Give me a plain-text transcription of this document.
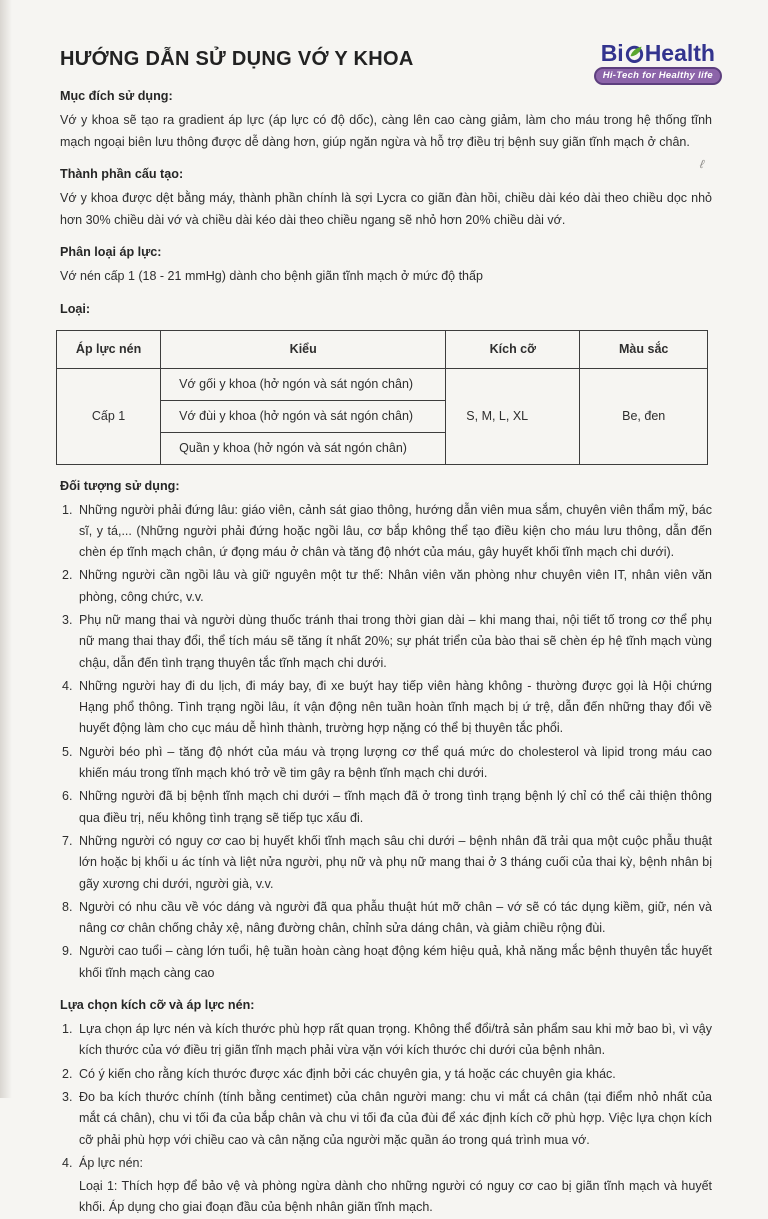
HƯỚNG DẪN SỬ DỤNG VỚ Y KHOA	Bi Health
Hi-Tech for Healthy life
ℓ
Mục đích sử dụng:

Vớ y khoa sẽ tạo ra gradient áp lực (áp lực có độ dốc), càng lên cao càng giảm, làm cho máu trong hệ thống tĩnh mạch ngoại biên lưu thông được dễ dàng hơn, giúp ngăn ngừa và hỗ trợ điều trị bệnh suy giãn tĩnh mạch ở chân.

Thành phần cấu tạo:

Vớ y khoa được dệt bằng máy, thành phần chính là sợi Lycra co giãn đàn hồi, chiều dài kéo dài theo chiều dọc nhỏ hơn 30% chiều dài vớ và chiều dài kéo dài theo chiều ngang sẽ nhỏ hơn 20% chiều dài vớ.

Phân loại áp lực:

Vớ nén cấp 1 (18 - 21 mmHg) dành cho bệnh giãn tĩnh mạch ở mức độ thấp

Loại:
Áp lực nén	Kiểu	Kích cỡ	Màu sắc
Cấp 1	Vớ gối y khoa (hở ngón và sát ngón chân)	S, M, L, XL	Be, đen
	Vớ đùi y khoa (hở ngón và sát ngón chân)		
	Quần y khoa (hở ngón và sát ngón chân)		
Đối tượng sử dụng:
Những người phải đứng lâu: giáo viên, cảnh sát giao thông, hướng dẫn viên mua sắm, chuyên viên thẩm mỹ, bác sĩ, y tá,... (Những người phải đứng hoặc ngồi lâu, cơ bắp không thể tạo điều kiện cho máu lưu thông, dẫn đến chèn ép tĩnh mạch chân, ứ đọng máu ở chân và tăng độ nhớt của máu, gây huyết khối tĩnh mạch chi dưới).
Những người cần ngồi lâu và giữ nguyên một tư thế: Nhân viên văn phòng như chuyên viên IT, nhân viên văn phòng, công chức, v.v.
Phụ nữ mang thai và người dùng thuốc tránh thai trong thời gian dài – khi mang thai, nội tiết tố trong cơ thể phụ nữ mang thai thay đổi, thể tích máu sẽ tăng ít nhất 20%; sự phát triển của bào thai sẽ chèn ép hệ tĩnh mạch vùng chậu, dẫn đến tình trạng thuyên tắc tĩnh mạch chi dưới.
Những người hay đi du lịch, đi máy bay, đi xe buýt hay tiếp viên hàng không - thường được gọi là Hội chứng Hạng phổ thông. Tình trạng ngồi lâu, ít vận động nên tuần hoàn tĩnh mạch bị ứ trệ, dẫn đến những thay đổi về huyết động làm cho cục máu dễ hình thành, trường hợp nặng có thể bị thuyên tắc phổi.
Người béo phì – tăng độ nhớt của máu và trọng lượng cơ thể quá mức do cholesterol và lipid trong máu cao khiến máu trong tĩnh mạch khó trở về tim gây ra bệnh tĩnh mạch chi dưới.
Những người đã bị bệnh tĩnh mạch chi dưới – tĩnh mạch đã ở trong tình trạng bệnh lý chỉ có thể cải thiện thông qua điều trị, nếu không tình trạng sẽ tiếp tục xấu đi.
Những người có nguy cơ cao bị huyết khối tĩnh mạch sâu chi dưới – bệnh nhân đã trải qua một cuộc phẫu thuật lớn hoặc bị khối u ác tính và liệt nửa người, phụ nữ và phụ nữ mang thai ở 3 tháng cuối của thai kỳ, bệnh nhân bị gãy xương chi dưới, người già, v.v.
Người có nhu cầu về vóc dáng và người đã qua phẫu thuật hút mỡ chân – vớ sẽ có tác dụng kiềm, giữ, nén và nâng cơ chân chống chảy xệ, nâng đường chân, chỉnh sửa dáng chân, và giảm chiều rộng đùi.
Người cao tuổi – càng lớn tuổi, hệ tuần hoàn càng hoạt động kém hiệu quả, khả năng mắc bệnh thuyên tắc huyết khối tĩnh mạch càng cao
Lựa chọn kích cỡ và áp lực nén:
Lựa chọn áp lực nén và kích thước phù hợp rất quan trọng. Không thể đổi/trả sản phẩm sau khi mở bao bì, vì vậy kích thước của vớ điều trị giãn tĩnh mạch phải vừa vặn với kích thước chi dưới của bệnh nhân.
Có ý kiến cho rằng kích thước được xác định bởi các chuyên gia, y tá hoặc các chuyên gia khác.
Đo ba kích thước chính (tính bằng centimet) của chân người mang: chu vi mắt cá chân (tại điểm nhỏ nhất của mắt cá chân), chu vi tối đa của bắp chân và chu vi tối đa của đùi để xác định kích cỡ phù hợp. Việc lựa chọn kích cỡ phải phù hợp với chiều cao và cân nặng của người mặc quần áo trong quá trình mua vớ.
Áp lực nén:
Loại 1: Thích hợp để bảo vệ và phòng ngừa dành cho những người có nguy cơ cao bị giãn tĩnh mạch và huyết khối. Áp dụng cho giai đoạn đầu của bệnh nhân giãn tĩnh mạch.
